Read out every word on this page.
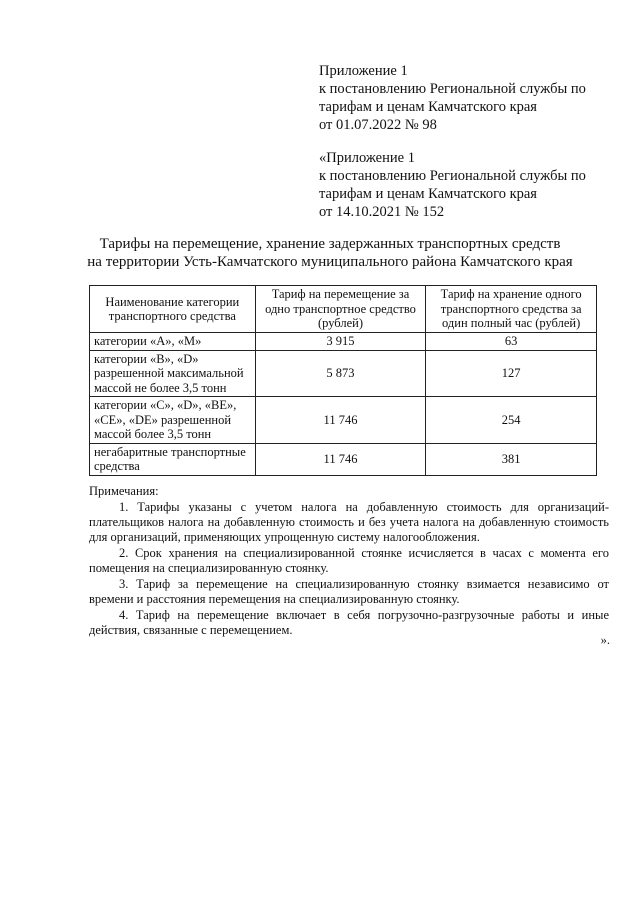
Приложение 1
к постановлению Региональной службы по
тарифам и ценам Камчатского края
от 01.07.2022 № 98
«Приложение 1
к постановлению Региональной службы по
тарифам и ценам Камчатского края
от 14.10.2021 № 152
Тарифы на перемещение, хранение задержанных транспортных средств
на территории Усть-Камчатского муниципального района Камчатского края
Наименование категории транспортного средства	Тариф на перемещение за одно транспортное средство (рублей)	Тариф на хранение одного транспортного средства за один полный час (рублей)
категории «A», «M»	3 915	63
категории «B», «D» разрешенной максимальной массой не более 3,5 тонн	5 873	127
категории «C», «D», «BE», «CE», «DE» разрешенной массой более 3,5 тонн	11 746	254
негабаритные транспортные средства	11 746	381
Примечания:

1. Тарифы указаны с учетом налога на добавленную стоимость для организаций-плательщиков налога на добавленную стоимость и без учета налога на добавленную стоимость для организаций, применяющих упрощенную систему налогообложения.

2. Срок хранения на специализированной стоянке исчисляется в часах с момента его помещения на специализированную стоянку.

3. Тариф за перемещение на специализированную стоянку взимается независимо от времени и расстояния перемещения на специализированную стоянку.

4. Тариф на перемещение включает в себя погрузочно-разгрузочные работы и иные действия, связанные с перемещением.

».
